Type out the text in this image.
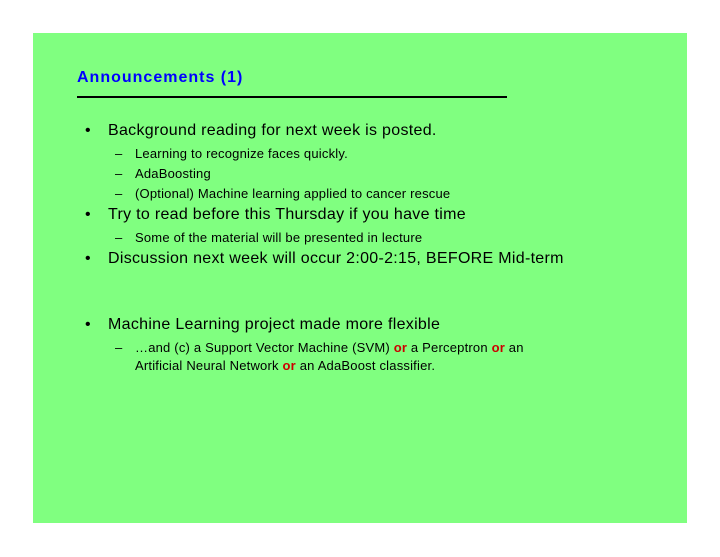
Announcements (1)
• Background reading for next week is posted.
– Learning to recognize faces quickly.
– AdaBoosting
– (Optional) Machine learning applied to cancer rescue
• Try to read before this Thursday if you have time
– Some of the material will be presented in lecture
• Discussion next week will occur 2:00-2:15, BEFORE Mid-term
• Machine Learning project made more flexible
– …and (c) a Support Vector Machine (SVM) or a Perceptron or an
Artificial Neural Network or an AdaBoost classifier.
